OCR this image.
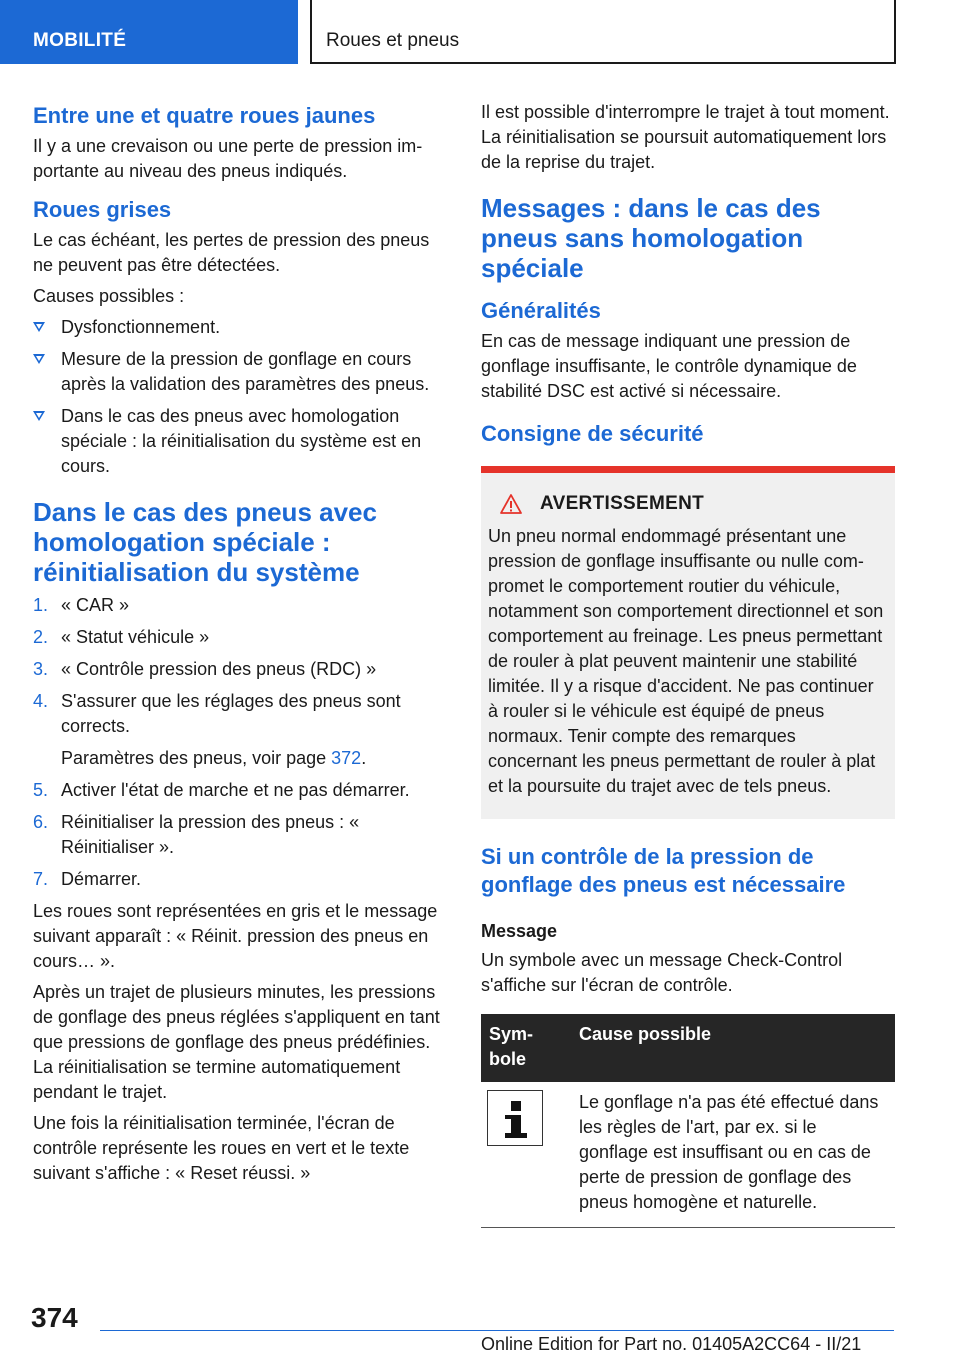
MOBILITÉ	Roues et pneus
Entre une et quatre roues jaunes

Il y a une crevaison ou une perte de pression importante au niveau des pneus indiqués.

Roues grises

Le cas échéant, les pertes de pression des pneus ne peuvent pas être détectées.

Causes possibles :

Dysfonctionnement.
Mesure de la pression de gonflage en cours après la validation des paramètres des pneus.
Dans le cas des pneus avec homologation spéciale : la réinitialisation du système est en cours.
Dans le cas des pneus avec homologation spéciale : réinitialisation du système
1. « CAR »
2. « Statut véhicule »
3. « Contrôle pression des pneus (RDC) »
4. S'assurer que les réglages des pneus sont corrects.
Paramètres des pneus, voir page 372.
5. Activer l'état de marche et ne pas démarrer.
6. Réinitialiser la pression des pneus : « Réinitialiser ».
7. Démarrer.

Les roues sont représentées en gris et le message suivant apparaît : « Réinit. pression des pneus en cours… ».

Après un trajet de plusieurs minutes, les pressions de gonflage des pneus réglées s'appliquent en tant que pressions de gonflage des pneus prédéfinies. La réinitialisation se termine automatiquement pendant le trajet.

Une fois la réinitialisation terminée, l'écran de contrôle représente les roues en vert et le texte suivant s'affiche : « Reset réussi. »

Il est possible d'interrompre le trajet à tout moment. La réinitialisation se poursuit automatiquement lors de la reprise du trajet.

Messages : dans le cas des pneus sans homologation spéciale
Généralités

En cas de message indiquant une pression de gonflage insuffisante, le contrôle dynamique de stabilité DSC est activé si nécessaire.

Consigne de sécurité
AVERTISSEMENT
Un pneu normal endommagé présentant une pression de gonflage insuffisante ou nulle compromet le comportement routier du véhicule, notamment son comportement directionnel et son comportement au freinage. Les pneus permettant de rouler à plat peuvent maintenir une stabilité limitée. Il y a risque d'accident. Ne pas continuer à rouler si le véhicule est équipé de pneus normaux. Tenir compte des remarques concernant les pneus permettant de rouler à plat et la poursuite du trajet avec de tels pneus.
Si un contrôle de la pression de gonflage des pneus est nécessaire
Message

Un symbole avec un message Check-Control s'affiche sur l'écran de contrôle.

Symbole	Cause possible

	Le gonflage n'a pas été effectué dans les règles de l'art, par ex. si le gonflage est insuffisant ou en cas de perte de pression de gonflage des pneus homogène et naturelle.
374
Online Edition for Part no. 01405A2CC64 - II/21
